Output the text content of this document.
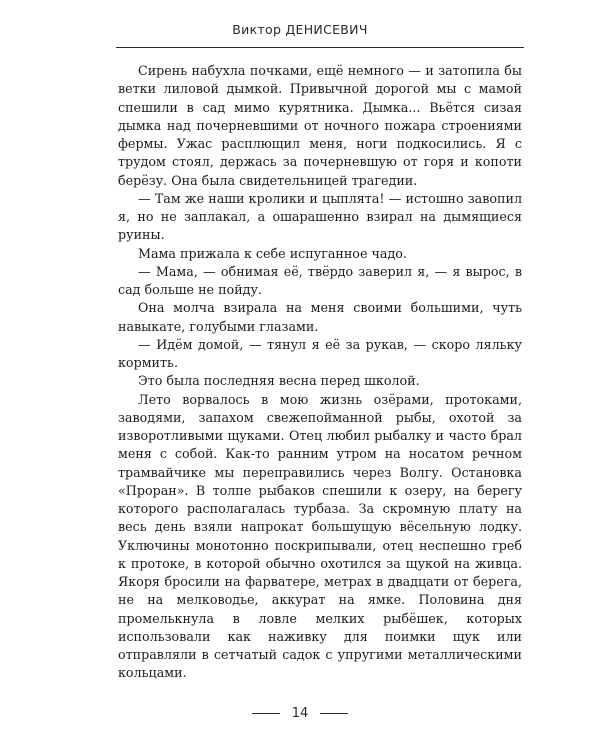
Виктор ДЕНИСЕВИЧ

Сирень набухла почками, ещё немного — и затопила бы ветки лиловой дымкой. Привычной дорогой мы с мамой спешили в сад мимо курятника. Дымка... Вьётся сизая дымка над почерневшими от ночного пожара строениями фермы. Ужас расплющил меня, ноги подкосились. Я с трудом стоял, держась за почерневшую от горя и копоти берёзу. Она была свидетельницей трагедии.

— Там же наши кролики и цыплята! — истошно завопил я, но не заплакал, а ошарашенно взирал на дымящиеся руины.

Мама прижала к себе испуганное чадо.

— Мама, — обнимая её, твёрдо заверил я, — я вырос, в сад больше не пойду.

Она молча взирала на меня своими большими, чуть навыкате, голубыми глазами.

— Идём домой, — тянул я её за рукав, — скоро ляльку кормить.

Это была последняя весна перед школой.

Лето ворвалось в мою жизнь озёрами, протоками, заводями, запахом свежепойманной рыбы, охотой за изворотливыми щуками. Отец любил рыбалку и часто брал меня с собой. Как-то ранним утром на носатом речном трамвайчике мы переправились через Волгу. Остановка «Проран». В толпе рыбаков спешили к озеру, на берегу которого располагалась турбаза. За скромную плату на весь день взяли напрокат большущую вёсельную лодку. Уключины монотонно поскрипывали, отец неспешно греб к протоке, в которой обычно охотился за щукой на живца. Якоря бросили на фарватере, метрах в двадцати от берега, не на мелководье, аккурат на ямке. Половина дня промелькнула в ловле мелких рыбёшек, которых использовали как наживку для поимки щук или отправляли в сетчатый садок с упругими металлическими кольцами.

14
